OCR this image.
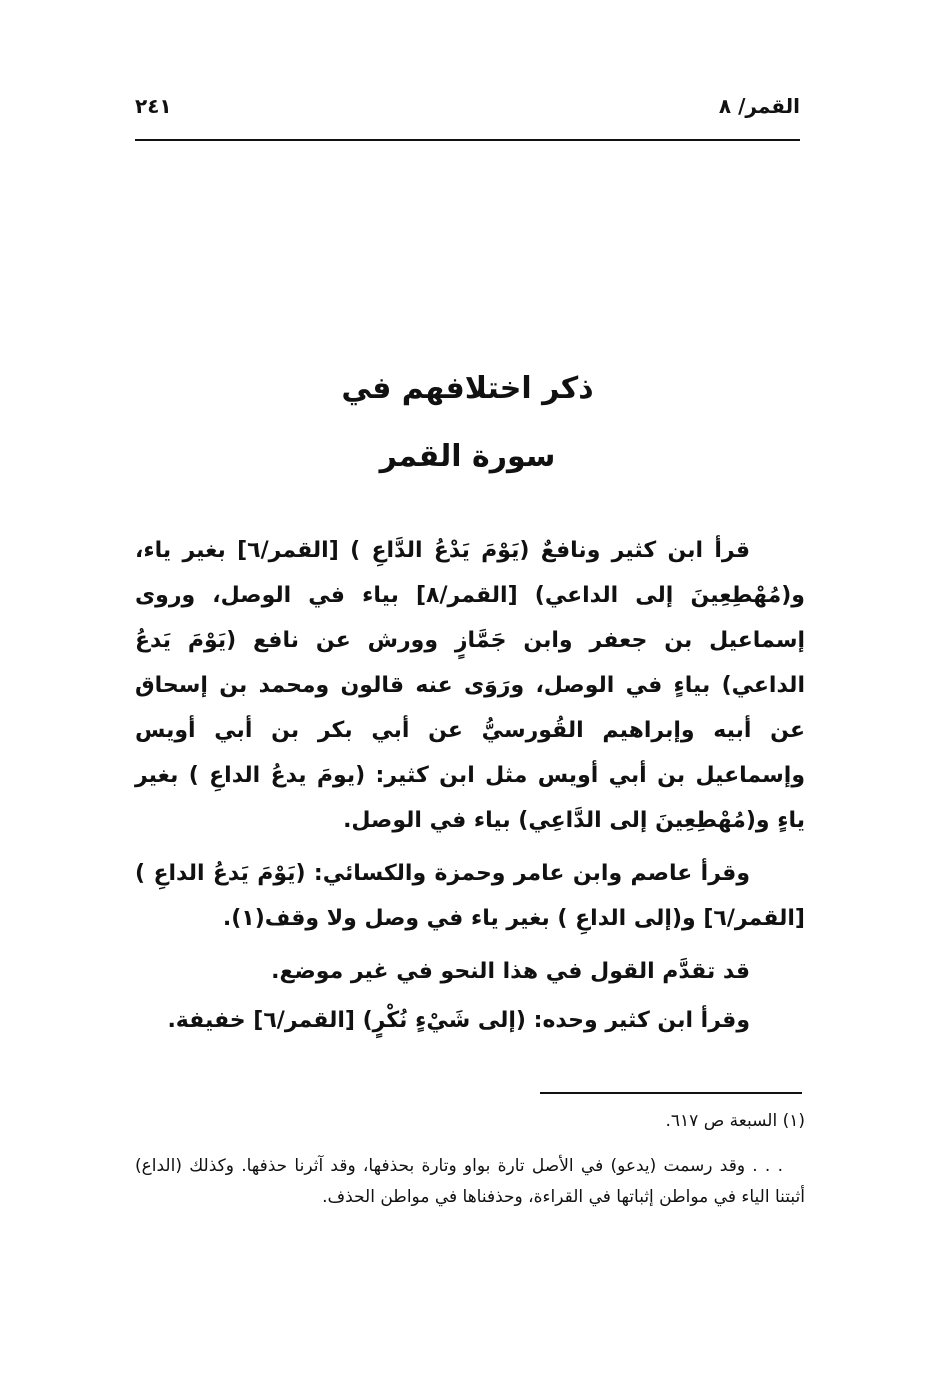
القمر/ ٨
٢٤١
ذكر اختلافهم في
سورة القمر

قرأ ابن كثير ونافعٌ (يَوْمَ يَدْعُ الدَّاعِ ) [القمر/٦] بغير ياء، و(مُهْطِعِينَ إلى الداعي) [القمر/٨] بياء في الوصل، وروى إسماعيل بن جعفر وابن جَمَّازٍ وورش عن نافع (يَوْمَ يَدعُ الداعي) بياءٍ في الوصل، ورَوَى عنه قالون ومحمد بن إسحاق عن أبيه وإبراهيم القُورسيُّ عن أبي بكر بن أبي أويس وإسماعيل بن أبي أويس مثل ابن كثير: (يومَ يدعُ الداعِ ) بغير ياءٍ و(مُهْطِعِينَ إلى الدَّاعِي) بياء في الوصل.

وقرأ عاصم وابن عامر وحمزة والكسائي: (يَوْمَ يَدعُ الداعِ ) [القمر/٦] و(إلى الداعِ ) بغير ياء في وصل ولا وقف(١).

قد تقدَّم القول في هذا النحو في غير موضع.

وقرأ ابن كثير وحده: (إلى شَيْءٍ نُكْرٍ) [القمر/٦] خفيفة.

(١) السبعة ص ٦١٧.

. . . وقد رسمت (يدعو) في الأصل تارة بواو وتارة بحذفها، وقد آثرنا حذفها. وكذلك (الداع) أثبتنا الياء في مواطن إثباتها في القراءة، وحذفناها في مواطن الحذف.
